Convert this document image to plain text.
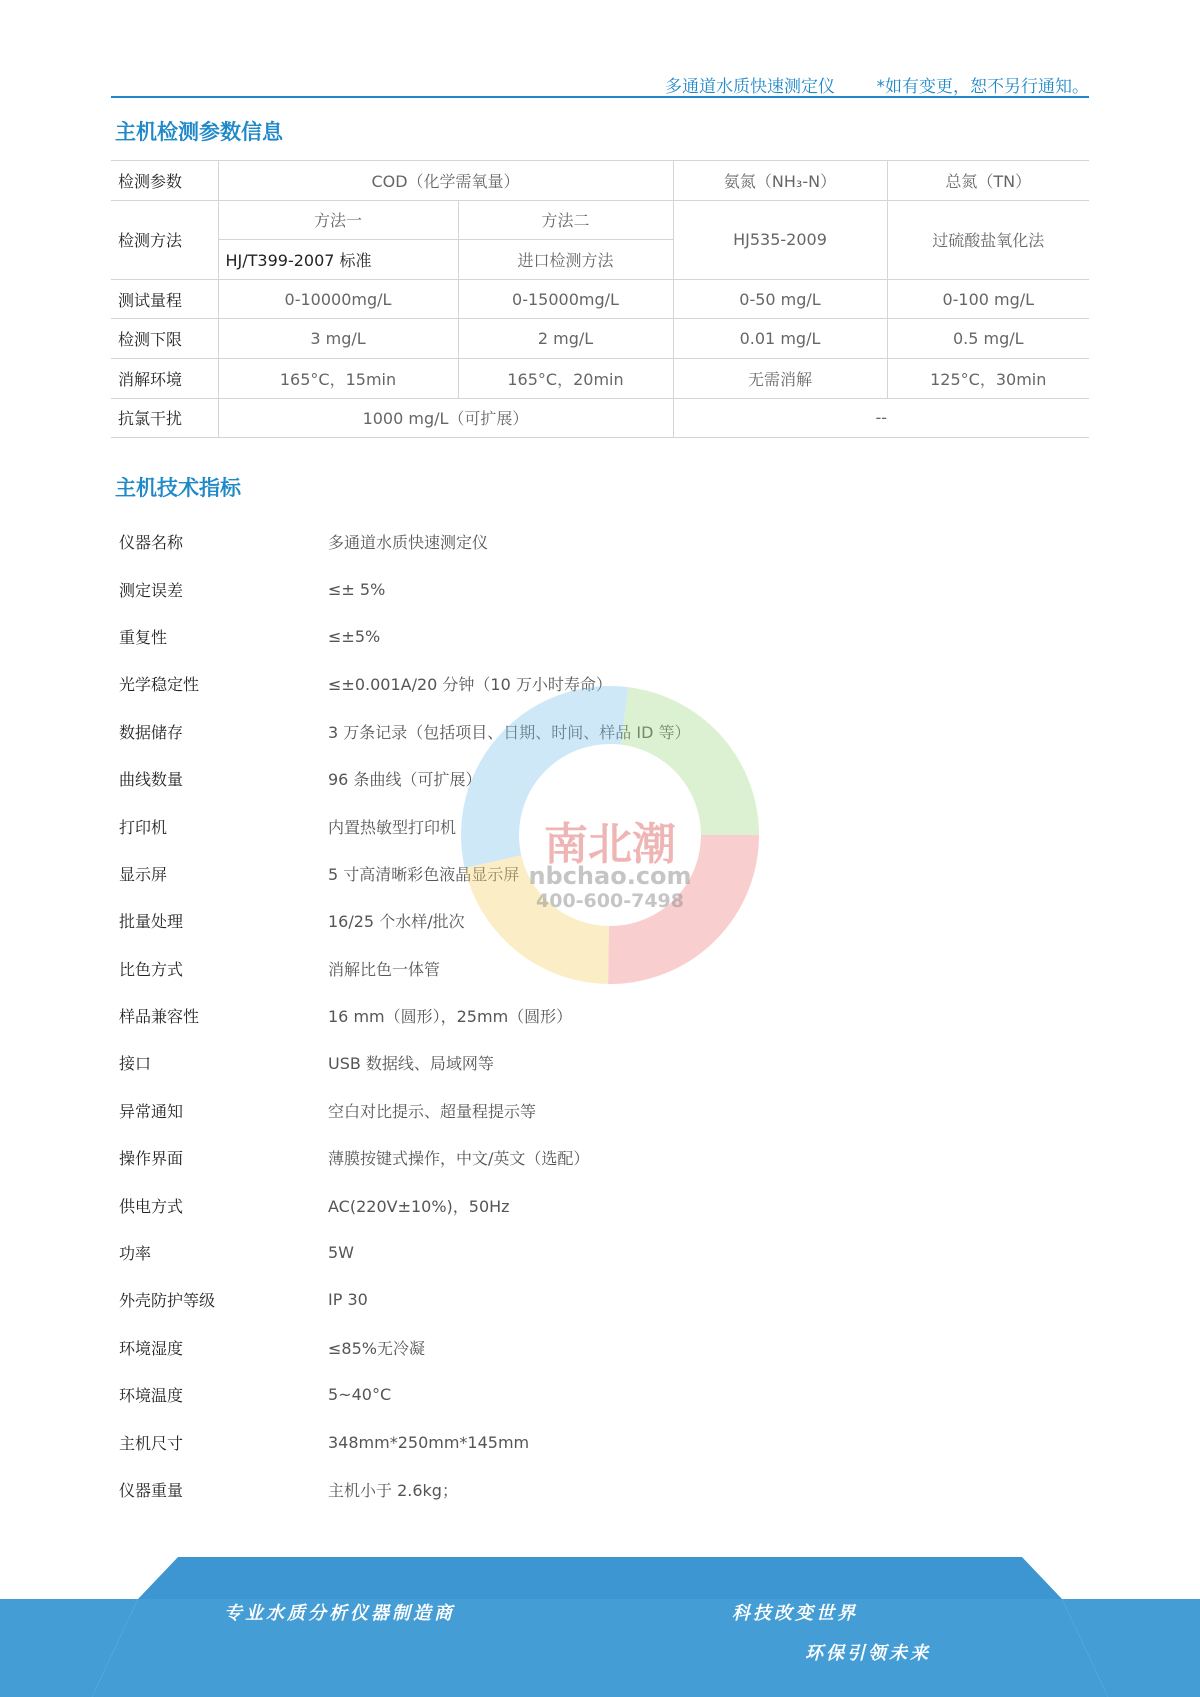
多通道水质快速测定仪 *如有变更，恕不另行通知。
主机检测参数信息
检测参数	COD（化学需氧量）		氨氮（NH₃-N）	总氮（TN）
检测方法	方法一	方法二	HJ535-2009	过硫酸盐氧化法
	HJ/T399-2007 标准	进口检测方法		
测试量程	0-10000mg/L	0-15000mg/L	0-50 mg/L	0-100 mg/L
检测下限	3 mg/L	2 mg/L	0.01 mg/L	0.5 mg/L
消解环境	165°C，15min	165°C，20min	无需消解	125°C，30min
抗氯干扰	1000 mg/L（可扩展）		--	
主机技术指标
仪器名称	多通道水质快速测定仪
测定误差	≤± 5%
重复性	≤±5%
光学稳定性	≤±0.001A/20 分钟（10 万小时寿命）
数据储存	3 万条记录（包括项目、日期、时间、样品 ID 等）
曲线数量	96 条曲线（可扩展）
打印机	内置热敏型打印机
显示屏	5 寸高清晰彩色液晶显示屏
批量处理	16/25 个水样/批次
比色方式	消解比色一体管
样品兼容性	16 mm（圆形），25mm（圆形）
接口	USB 数据线、局域网等
异常通知	空白对比提示、超量程提示等
操作界面	薄膜按键式操作，中文/英文（选配）
供电方式	AC(220V±10%)，50Hz
功率	5W
外壳防护等级	IP 30
环境湿度	≤85%无冷凝
环境温度	5~40°C
主机尺寸	348mm*250mm*145mm
仪器重量	主机小于 2.6kg；
南北潮
nbchao.com
400-600-7498
专业水质分析仪器制造商	科技改变世界
环保引领未来
